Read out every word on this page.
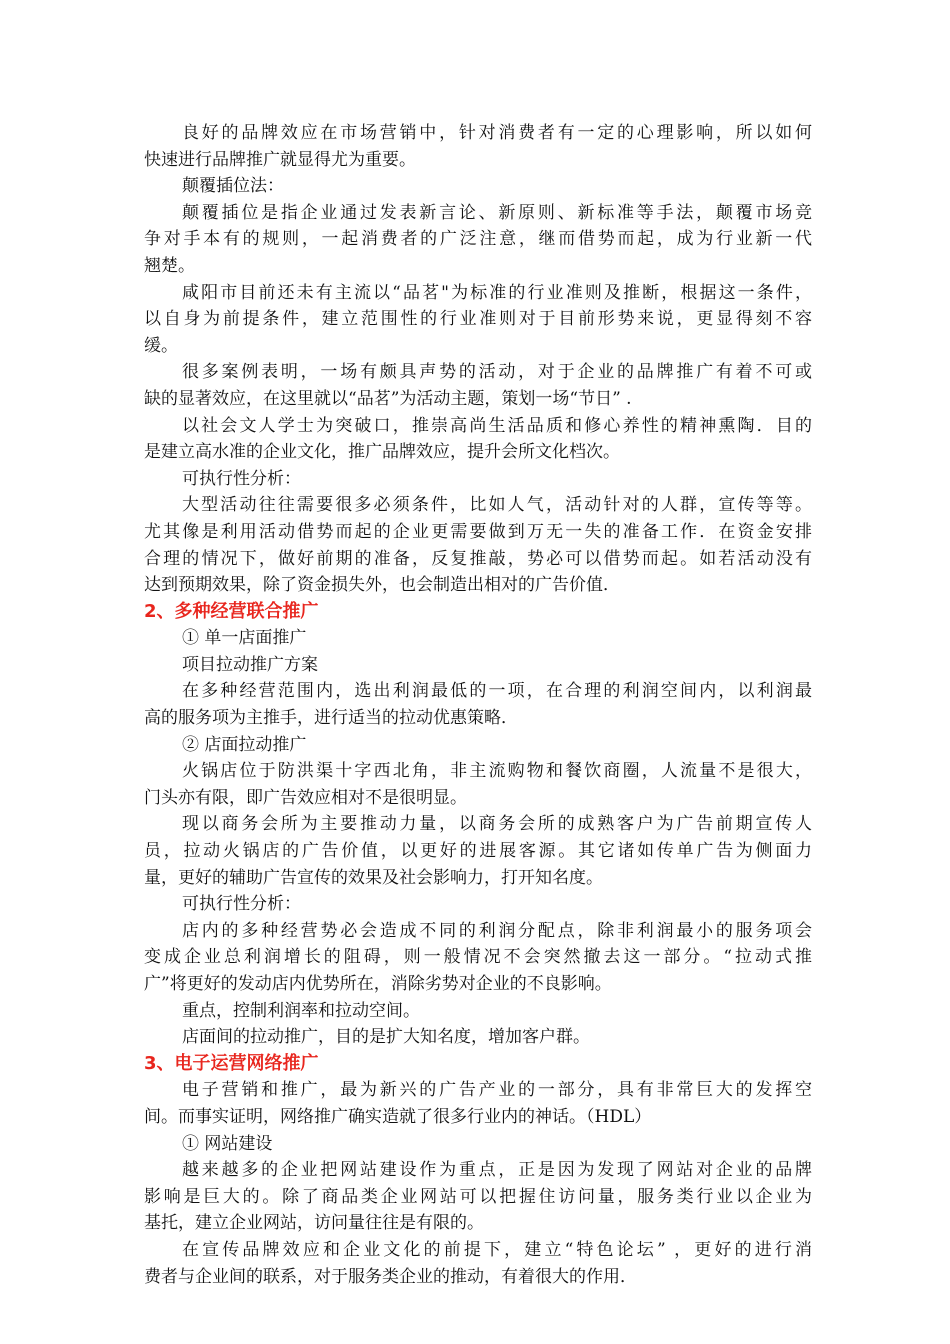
良好的品牌效应在市场营销中，针对消费者有一定的心理影响，所以如何
快速进行品牌推广就显得尤为重要。
颠覆插位法：
颠覆插位是指企业通过发表新言论、新原则、新标准等手法，颠覆市场竞
争对手本有的规则，一起消费者的广泛注意，继而借势而起，成为行业新一代
翘楚。
咸阳市目前还未有主流以“品茗"为标准的行业准则及推断，根据这一条件，
以自身为前提条件，建立范围性的行业准则对于目前形势来说，更显得刻不容
缓。
很多案例表明，一场有颇具声势的活动，对于企业的品牌推广有着不可或
缺的显著效应，在这里就以“品茗”为活动主题，策划一场“节日” .
以社会文人学士为突破口，推崇高尚生活品质和修心养性的精神熏陶．目的
是建立高水准的企业文化，推广品牌效应，提升会所文化档次。
可执行性分析：
大型活动往往需要很多必须条件，比如人气，活动针对的人群，宣传等等。
尤其像是利用活动借势而起的企业更需要做到万无一失的准备工作．在资金安排
合理的情况下，做好前期的准备，反复推敲，势必可以借势而起。如若活动没有
达到预期效果，除了资金损失外，也会制造出相对的广告价值．
2、多种经营联合推广
① 单一店面推广
项目拉动推广方案
在多种经营范围内，选出利润最低的一项，在合理的利润空间内，以利润最
高的服务项为主推手，进行适当的拉动优惠策略．
② 店面拉动推广
火锅店位于防洪渠十字西北角，非主流购物和餐饮商圈，人流量不是很大，
门头亦有限，即广告效应相对不是很明显。
现以商务会所为主要推动力量，以商务会所的成熟客户为广告前期宣传人
员，拉动火锅店的广告价值，以更好的进展客源。其它诸如传单广告为侧面力
量，更好的辅助广告宣传的效果及社会影响力，打开知名度。
可执行性分析：
店内的多种经营势必会造成不同的利润分配点，除非利润最小的服务项会
变成企业总利润增长的阻碍，则一般情况不会突然撤去这一部分。“拉动式推
广”将更好的发动店内优势所在，消除劣势对企业的不良影响。
重点，控制利润率和拉动空间。
店面间的拉动推广，目的是扩大知名度，增加客户群。
3、电子运营网络推广
电子营销和推广，最为新兴的广告产业的一部分，具有非常巨大的发挥空
间。而事实证明，网络推广确实造就了很多行业内的神话。（HDL）
① 网站建设
越来越多的企业把网站建设作为重点，正是因为发现了网站对企业的品牌
影响是巨大的。除了商品类企业网站可以把握住访问量，服务类行业以企业为
基托，建立企业网站，访问量往往是有限的。
在宣传品牌效应和企业文化的前提下，建立“特色论坛” ，更好的进行消
费者与企业间的联系，对于服务类企业的推动，有着很大的作用．
